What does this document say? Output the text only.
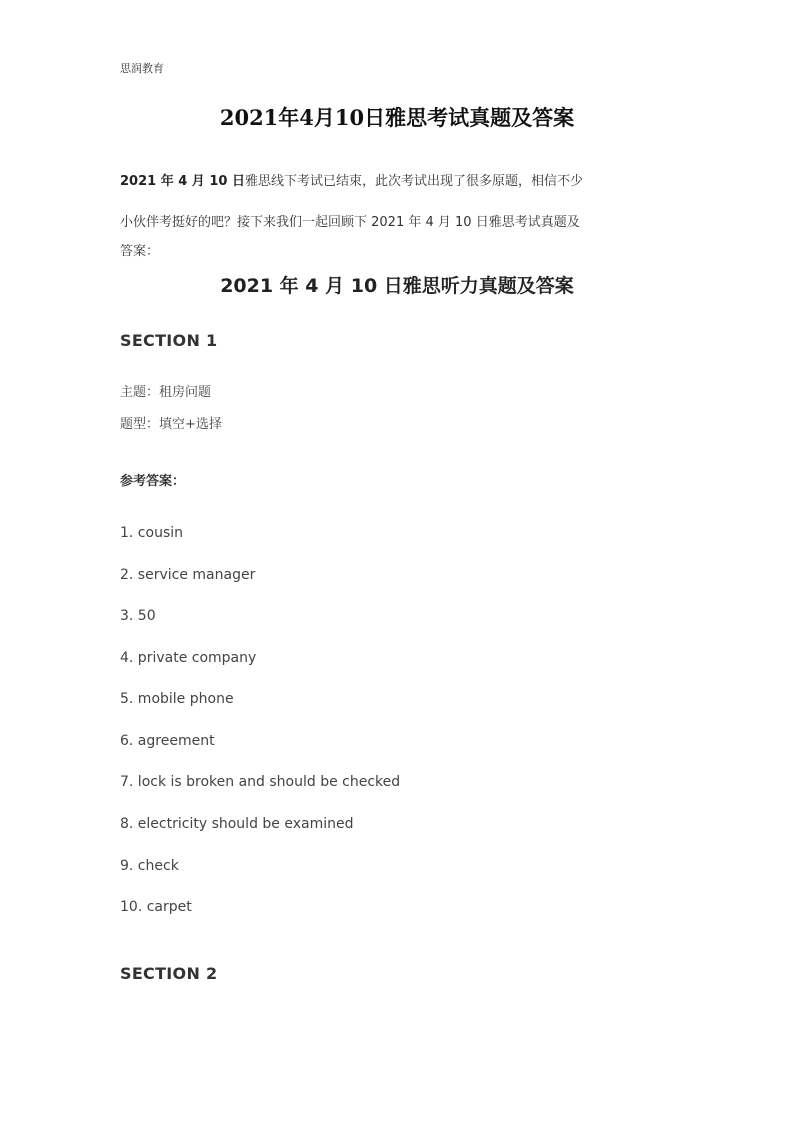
思润教育
2021年4月10日雅思考试真题及答案
2021 年 4 月 10 日雅思线下考试已结束，此次考试出现了很多原题，相信不少
小伙伴考挺好的吧？接下来我们一起回顾下 2021 年 4 月 10 日雅思考试真题及
答案：
2021 年 4 月 10 日雅思听力真题及答案
SECTION 1
主题：租房问题
题型：填空+选择
参考答案：
1. cousin
2. service manager
3. 50
4. private company
5. mobile phone
6. agreement
7. lock is broken and should be checked
8. electricity should be examined
9. check
10. carpet
SECTION 2
